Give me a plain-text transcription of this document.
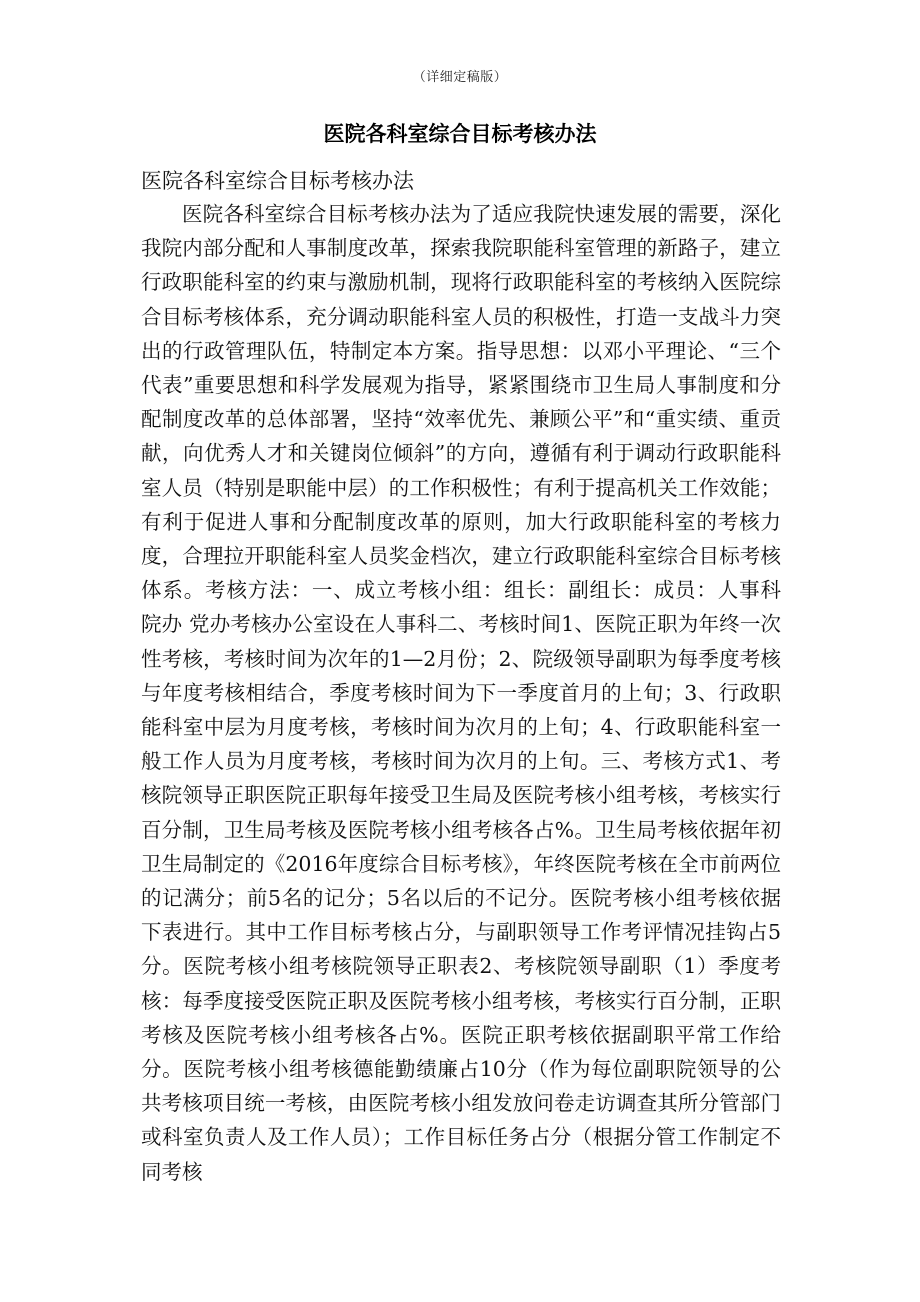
（详细定稿版）
医院各科室综合目标考核办法
医院各科室综合目标考核办法

医院各科室综合目标考核办法为了适应我院快速发展的需要，深化我院内部分配和人事制度改革，探索我院职能科室管理的新路子，建立行政职能科室的约束与激励机制，现将行政职能科室的考核纳入医院综合目标考核体系，充分调动职能科室人员的积极性，打造一支战斗力突出的行政管理队伍，特制定本方案。指导思想：以邓小平理论、“三个代表”重要思想和科学发展观为指导，紧紧围绕市卫生局人事制度和分配制度改革的总体部署，坚持“效率优先、兼顾公平”和“重实绩、重贡献，向优秀人才和关键岗位倾斜”的方向，遵循有利于调动行政职能科室人员（特别是职能中层）的工作积极性；有利于提高机关工作效能；有利于促进人事和分配制度改革的原则，加大行政职能科室的考核力度，合理拉开职能科室人员奖金档次，建立行政职能科室综合目标考核体系。考核方法：一、成立考核小组：组长：副组长：成员：人事科 院办 党办考核办公室设在人事科二、考核时间1、医院正职为年终一次性考核，考核时间为次年的1—2月份；2、院级领导副职为每季度考核与年度考核相结合，季度考核时间为下一季度首月的上旬；3、行政职能科室中层为月度考核，考核时间为次月的上旬；4、行政职能科室一般工作人员为月度考核，考核时间为次月的上旬。三、考核方式1、考核院领导正职医院正职每年接受卫生局及医院考核小组考核，考核实行百分制，卫生局考核及医院考核小组考核各占%。卫生局考核依据年初卫生局制定的《2016年度综合目标考核》，年终医院考核在全市前两位的记满分；前5名的记分；5名以后的不记分。医院考核小组考核依据下表进行。其中工作目标考核占分，与副职领导工作考评情况挂钩占5分。医院考核小组考核院领导正职表2、考核院领导副职（1）季度考核：每季度接受医院正职及医院考核小组考核，考核实行百分制，正职考核及医院考核小组考核各占%。医院正职考核依据副职平常工作给分。医院考核小组考核德能勤绩廉占10分（作为每位副职院领导的公共考核项目统一考核，由医院考核小组发放问卷走访调查其所分管部门或科室负责人及工作人员）；工作目标任务占分（根据分管工作制定不同考核
